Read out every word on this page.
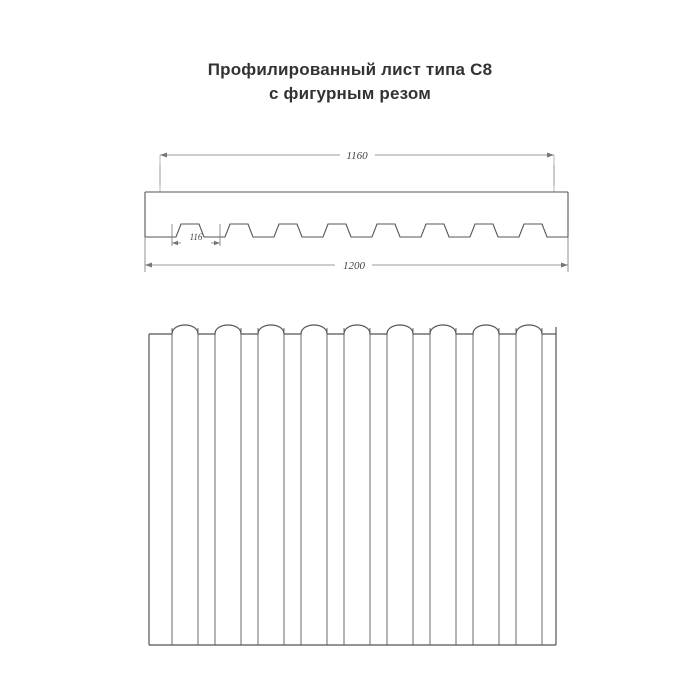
Профилированный лист типа С8
с фигурным резом
1160
116
1200
